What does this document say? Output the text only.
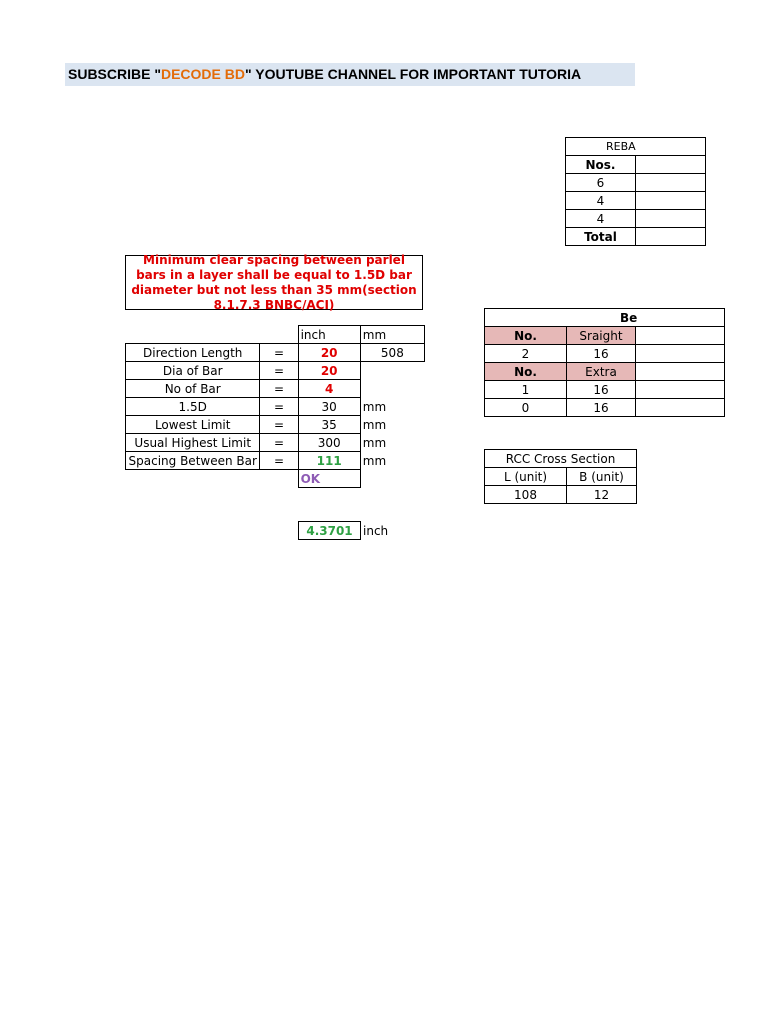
SUBSCRIBE "DECODE BD" YOUTUBE CHANNEL FOR IMPORTANT TUTORIA
REBA	
Nos.	
6	
4	
4	
Total	
Minimum clear spacing between parlel bars in a layer shall be equal to 1.5D bar diameter but not less than 35 mm(section 8.1.7.3 BNBC/ACI)
		inch	mm
Direction Length	=	20	508
Dia of Bar	=	20	
No of Bar	=	4	
1.5D	=	30	mm
Lowest Limit	=	35	mm
Usual Highest Limit	=	300	mm
Spacing Between Bar	=	111	mm
		OK	
4.3701	inch
Be		
No.	Sraight	
2	16	
No.	Extra	
1	16	
0	16	
RCC Cross Section	
L (unit)	B (unit)
108	12
